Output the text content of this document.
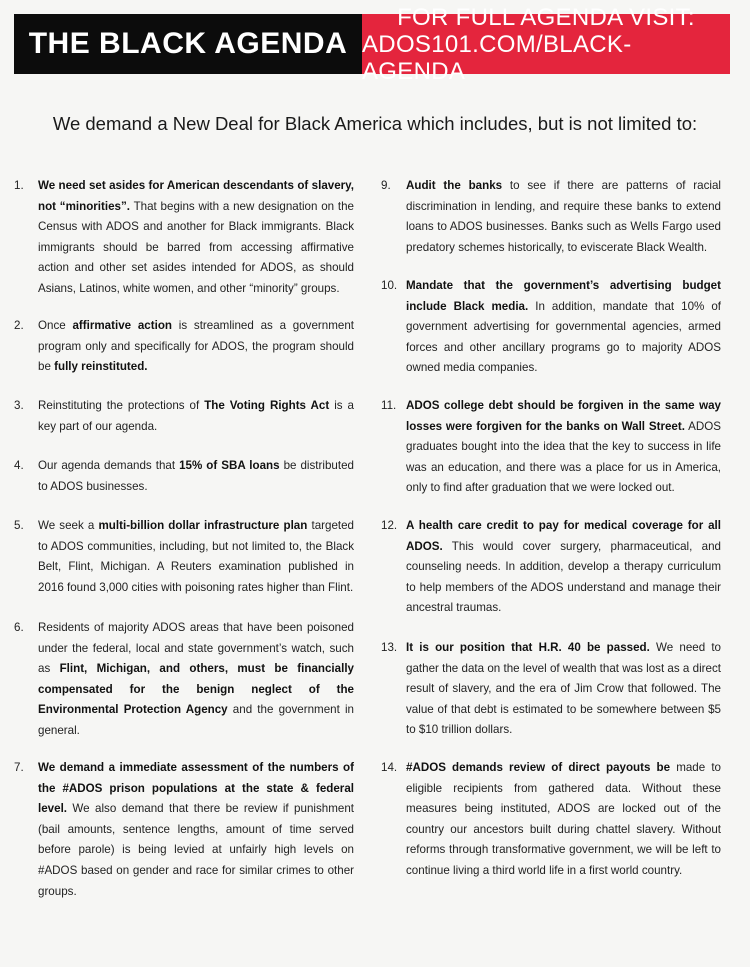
THE BLACK AGENDA
FOR FULL AGENDA VISIT:
ADOS101.COM/BLACK-AGENDA
We demand a New Deal for Black America which includes, but is not limited to:
1.	We need set asides for American descendants of slavery, not “minorities”. That begins with a new designation on the Census with ADOS and another for Black immigrants. Black immigrants should be barred from accessing affirmative action and other set asides intended for ADOS, as should Asians, Latinos, white women, and other “minority” groups.
2.	Once affirmative action is streamlined as a government program only and specifically for ADOS, the program should be fully reinstituted.
3.	Reinstituting the protections of The Voting Rights Act is a key part of our agenda.
4.	Our agenda demands that 15% of SBA loans be distributed to ADOS businesses.
5.	We seek a multi-billion dollar infrastructure plan targeted to ADOS communities, including, but not limited to, the Black Belt, Flint, Michigan. A Reuters examination published in 2016 found 3,000 cities with poisoning rates higher than Flint.
6.	Residents of majority ADOS areas that have been poisoned under the federal, local and state government’s watch, such as Flint, Michigan, and others, must be financially compensated for the benign neglect of the Environmental Protection Agency and the government in general.
7.	We demand a immediate assessment of the numbers of the #ADOS prison populations at the state & federal level. We also demand that there be review if punishment (bail amounts, sentence lengths, amount of time served before parole) is being levied at unfairly high levels on #ADOS based on gender and race for similar crimes to other groups.
9.	Audit the banks to see if there are patterns of racial discrimination in lending, and require these banks to extend loans to ADOS businesses. Banks such as Wells Fargo used predatory schemes historically, to eviscerate Black Wealth.
10. Mandate that the government’s advertising budget include Black media. In addition, mandate that 10% of government advertising for governmental agencies, armed forces and other ancillary programs go to majority ADOS owned media companies.
11. ADOS college debt should be forgiven in the same way losses were forgiven for the banks on Wall Street. ADOS graduates bought into the idea that the key to success in life was an education, and there was a place for us in America, only to find after graduation that we were locked out.
12. A health care credit to pay for medical coverage for all ADOS. This would cover surgery, pharmaceutical, and counseling needs. In addition, develop a therapy curriculum to help members of the ADOS understand and manage their ancestral traumas.
13. It is our position that H.R. 40 be passed. We need to gather the data on the level of wealth that was lost as a direct result of slavery, and the era of Jim Crow that followed. The value of that debt is estimated to be somewhere between $5 to $10 trillion dollars.
14. #ADOS demands review of direct payouts be made to eligible recipients from gathered data. Without these measures being instituted, ADOS are locked out of the country our ancestors built during chattel slavery. Without reforms through transformative government, we will be left to continue living a third world life in a first world country.
